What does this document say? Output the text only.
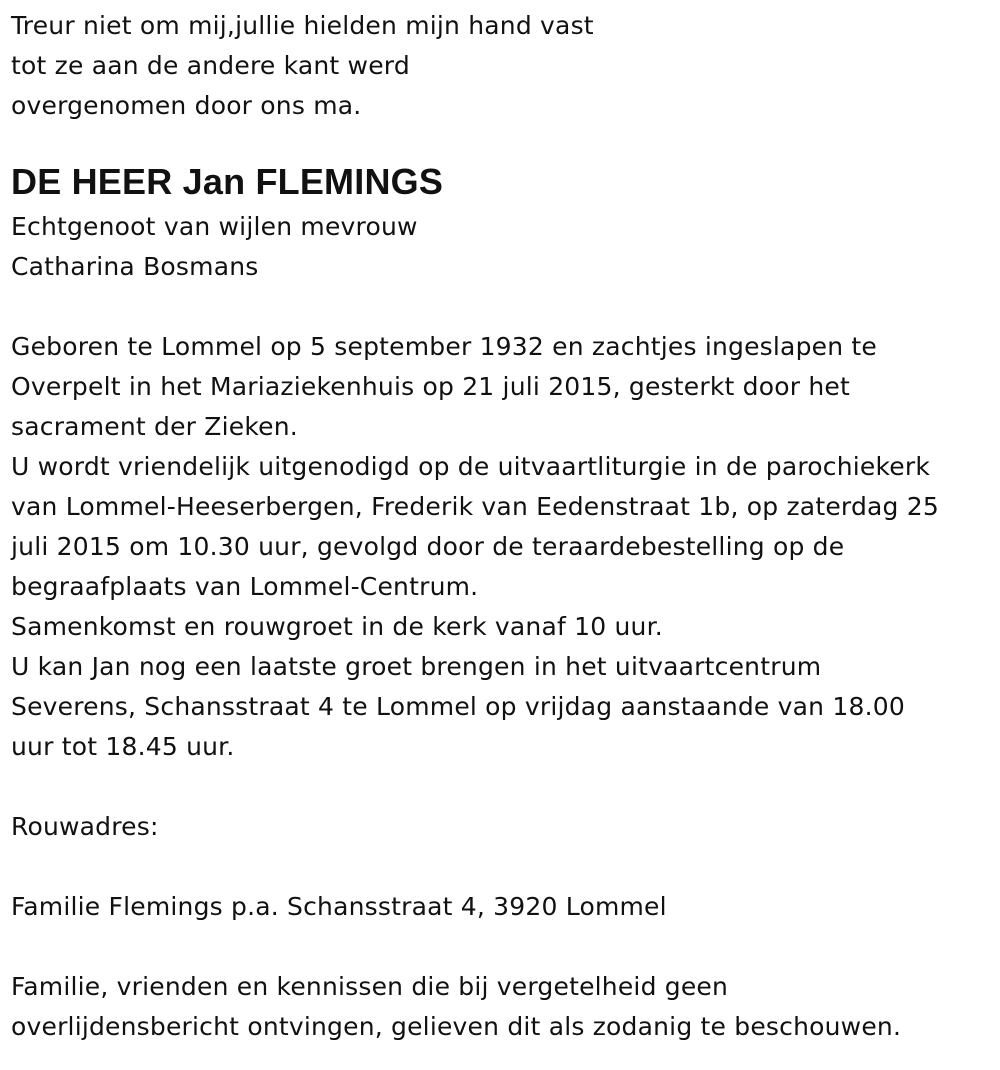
Treur niet om mij,jullie hielden mijn hand vast
tot ze aan de andere kant werd
overgenomen door ons ma.
DE HEER Jan FLEMINGS
Echtgenoot van wijlen mevrouw
Catharina Bosmans
Geboren te Lommel op 5 september 1932 en zachtjes ingeslapen te
Overpelt in het Mariaziekenhuis op 21 juli 2015, gesterkt door het
sacrament der Zieken.
U wordt vriendelijk uitgenodigd op de uitvaartliturgie in de parochiekerk
van Lommel-Heeserbergen, Frederik van Eedenstraat 1b, op zaterdag 25
juli 2015 om 10.30 uur, gevolgd door de teraardebestelling op de
begraafplaats van Lommel-Centrum.
Samenkomst en rouwgroet in de kerk vanaf 10 uur.
U kan Jan nog een laatste groet brengen in het uitvaartcentrum
Severens, Schansstraat 4 te Lommel op vrijdag aanstaande van 18.00
uur tot 18.45 uur.
Rouwadres:
Familie Flemings p.a. Schansstraat 4, 3920 Lommel
Familie, vrienden en kennissen die bij vergetelheid geen
overlijdensbericht ontvingen, gelieven dit als zodanig te beschouwen.
